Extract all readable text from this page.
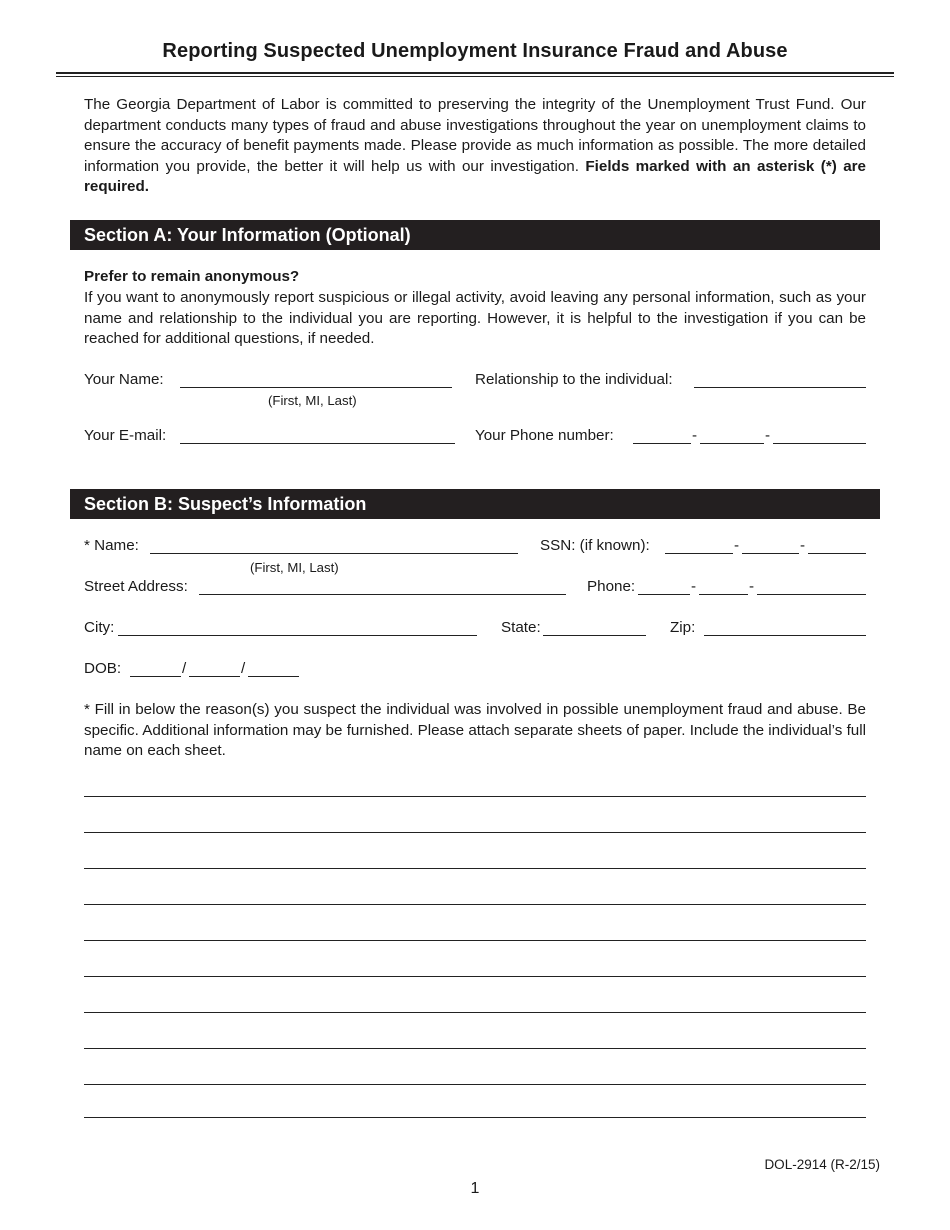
Reporting Suspected Unemployment Insurance Fraud and Abuse
The Georgia Department of Labor is committed to preserving the integrity of the Unemployment Trust Fund. Our department conducts many types of fraud and abuse investigations throughout the year on unemployment claims to ensure the accuracy of benefit payments made. Please provide as much information as possible. The more detailed information you provide, the better it will help us with our investigation. Fields marked with an asterisk (*) are required.
Section A: Your Information (Optional)
Prefer to remain anonymous?
If you want to anonymously report suspicious or illegal activity, avoid leaving any personal information, such as your name and relationship to the individual you are reporting. However, it is helpful to the investigation if you can be reached for additional questions, if needed.
Your Name:
(First, MI, Last)
Relationship to the individual:
Your E-mail:	Your Phone number:	-	-
Section B: Suspect’s Information
* Name:
(First, MI, Last)
SSN: (if known):	-	-
Street Address:	Phone:	-	-
City:	State:	Zip:
DOB:	/	/
* Fill in below the reason(s) you suspect the individual was involved in possible unemployment fraud and abuse. Be specific. Additional information may be furnished. Please attach separate sheets of paper. Include the individual’s full name on each sheet.
DOL-2914 (R-2/15)
1
